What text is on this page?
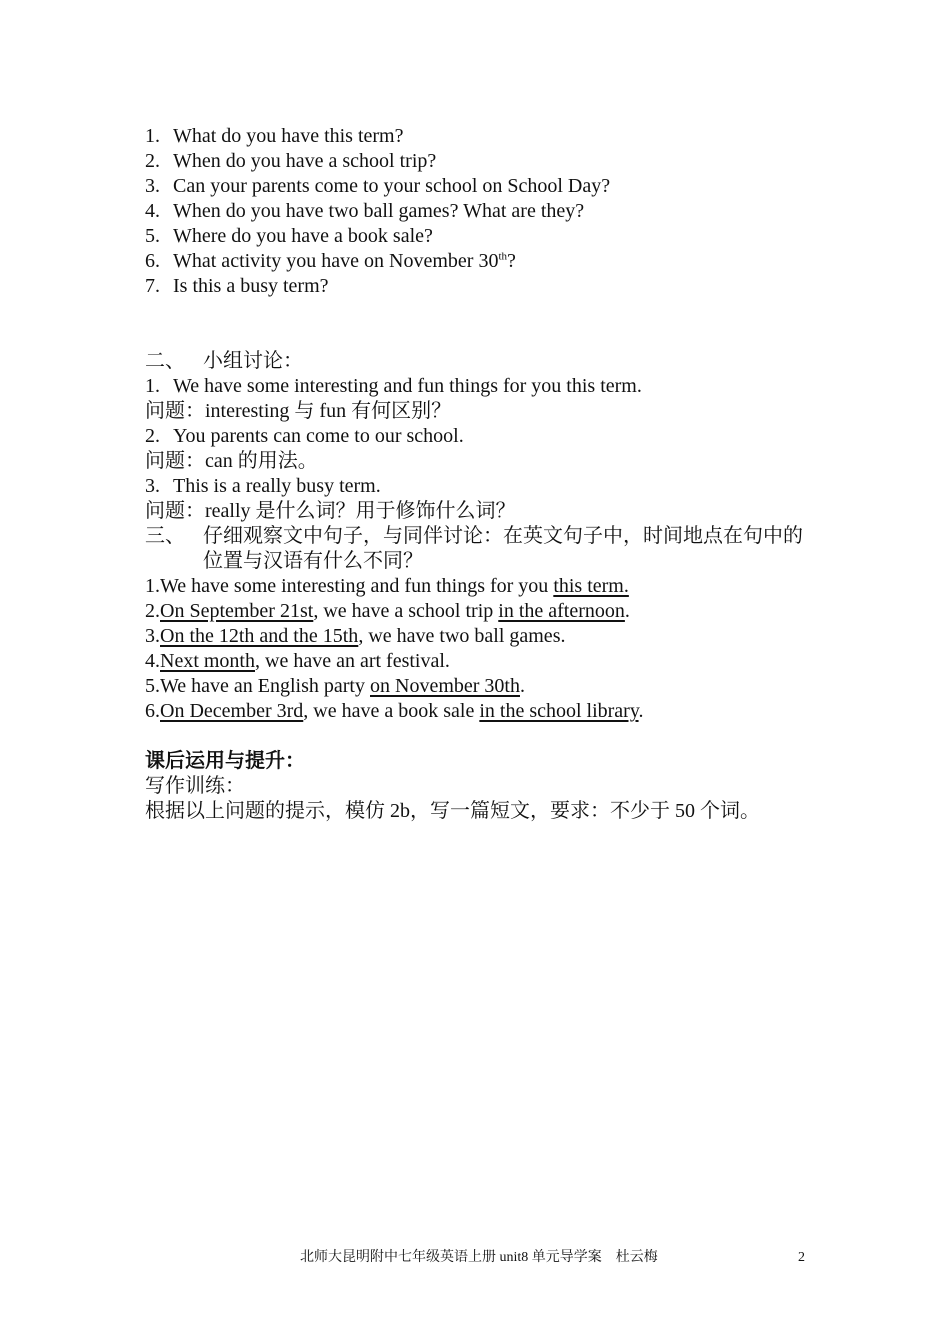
1. What do you have this term?
2. When do you have a school trip?
3. Can your parents come to your school on School Day?
4. When do you have two ball games? What are they?
5. Where do you have a book sale?
6. What activity you have on November 30th?
7. Is this a busy term?
二、 小组讨论：
1. We have some interesting and fun things for you this term.
问题：interesting 与 fun 有何区别？
2. You parents can come to our school.
问题：can 的用法。
3. This is a really busy term.
问题：really 是什么词？用于修饰什么词？
三、 仔细观察文中句子，与同伴讨论：在英文句子中，时间地点在句中的位置与汉语有什么不同？
1.We have some interesting and fun things for you this term.
2.On September 21st, we have a school trip in the afternoon.
3.On the 12th and the 15th, we have two ball games.
4.Next month, we have an art festival.
5.We have an English party on November 30th.
6.On December 3rd, we have a book sale in the school library.
课后运用与提升：
写作训练：
根据以上问题的提示，模仿 2b，写一篇短文，要求：不少于 50 个词。
北师大昆明附中七年级英语上册 unit8 单元导学案　杜云梅	2
